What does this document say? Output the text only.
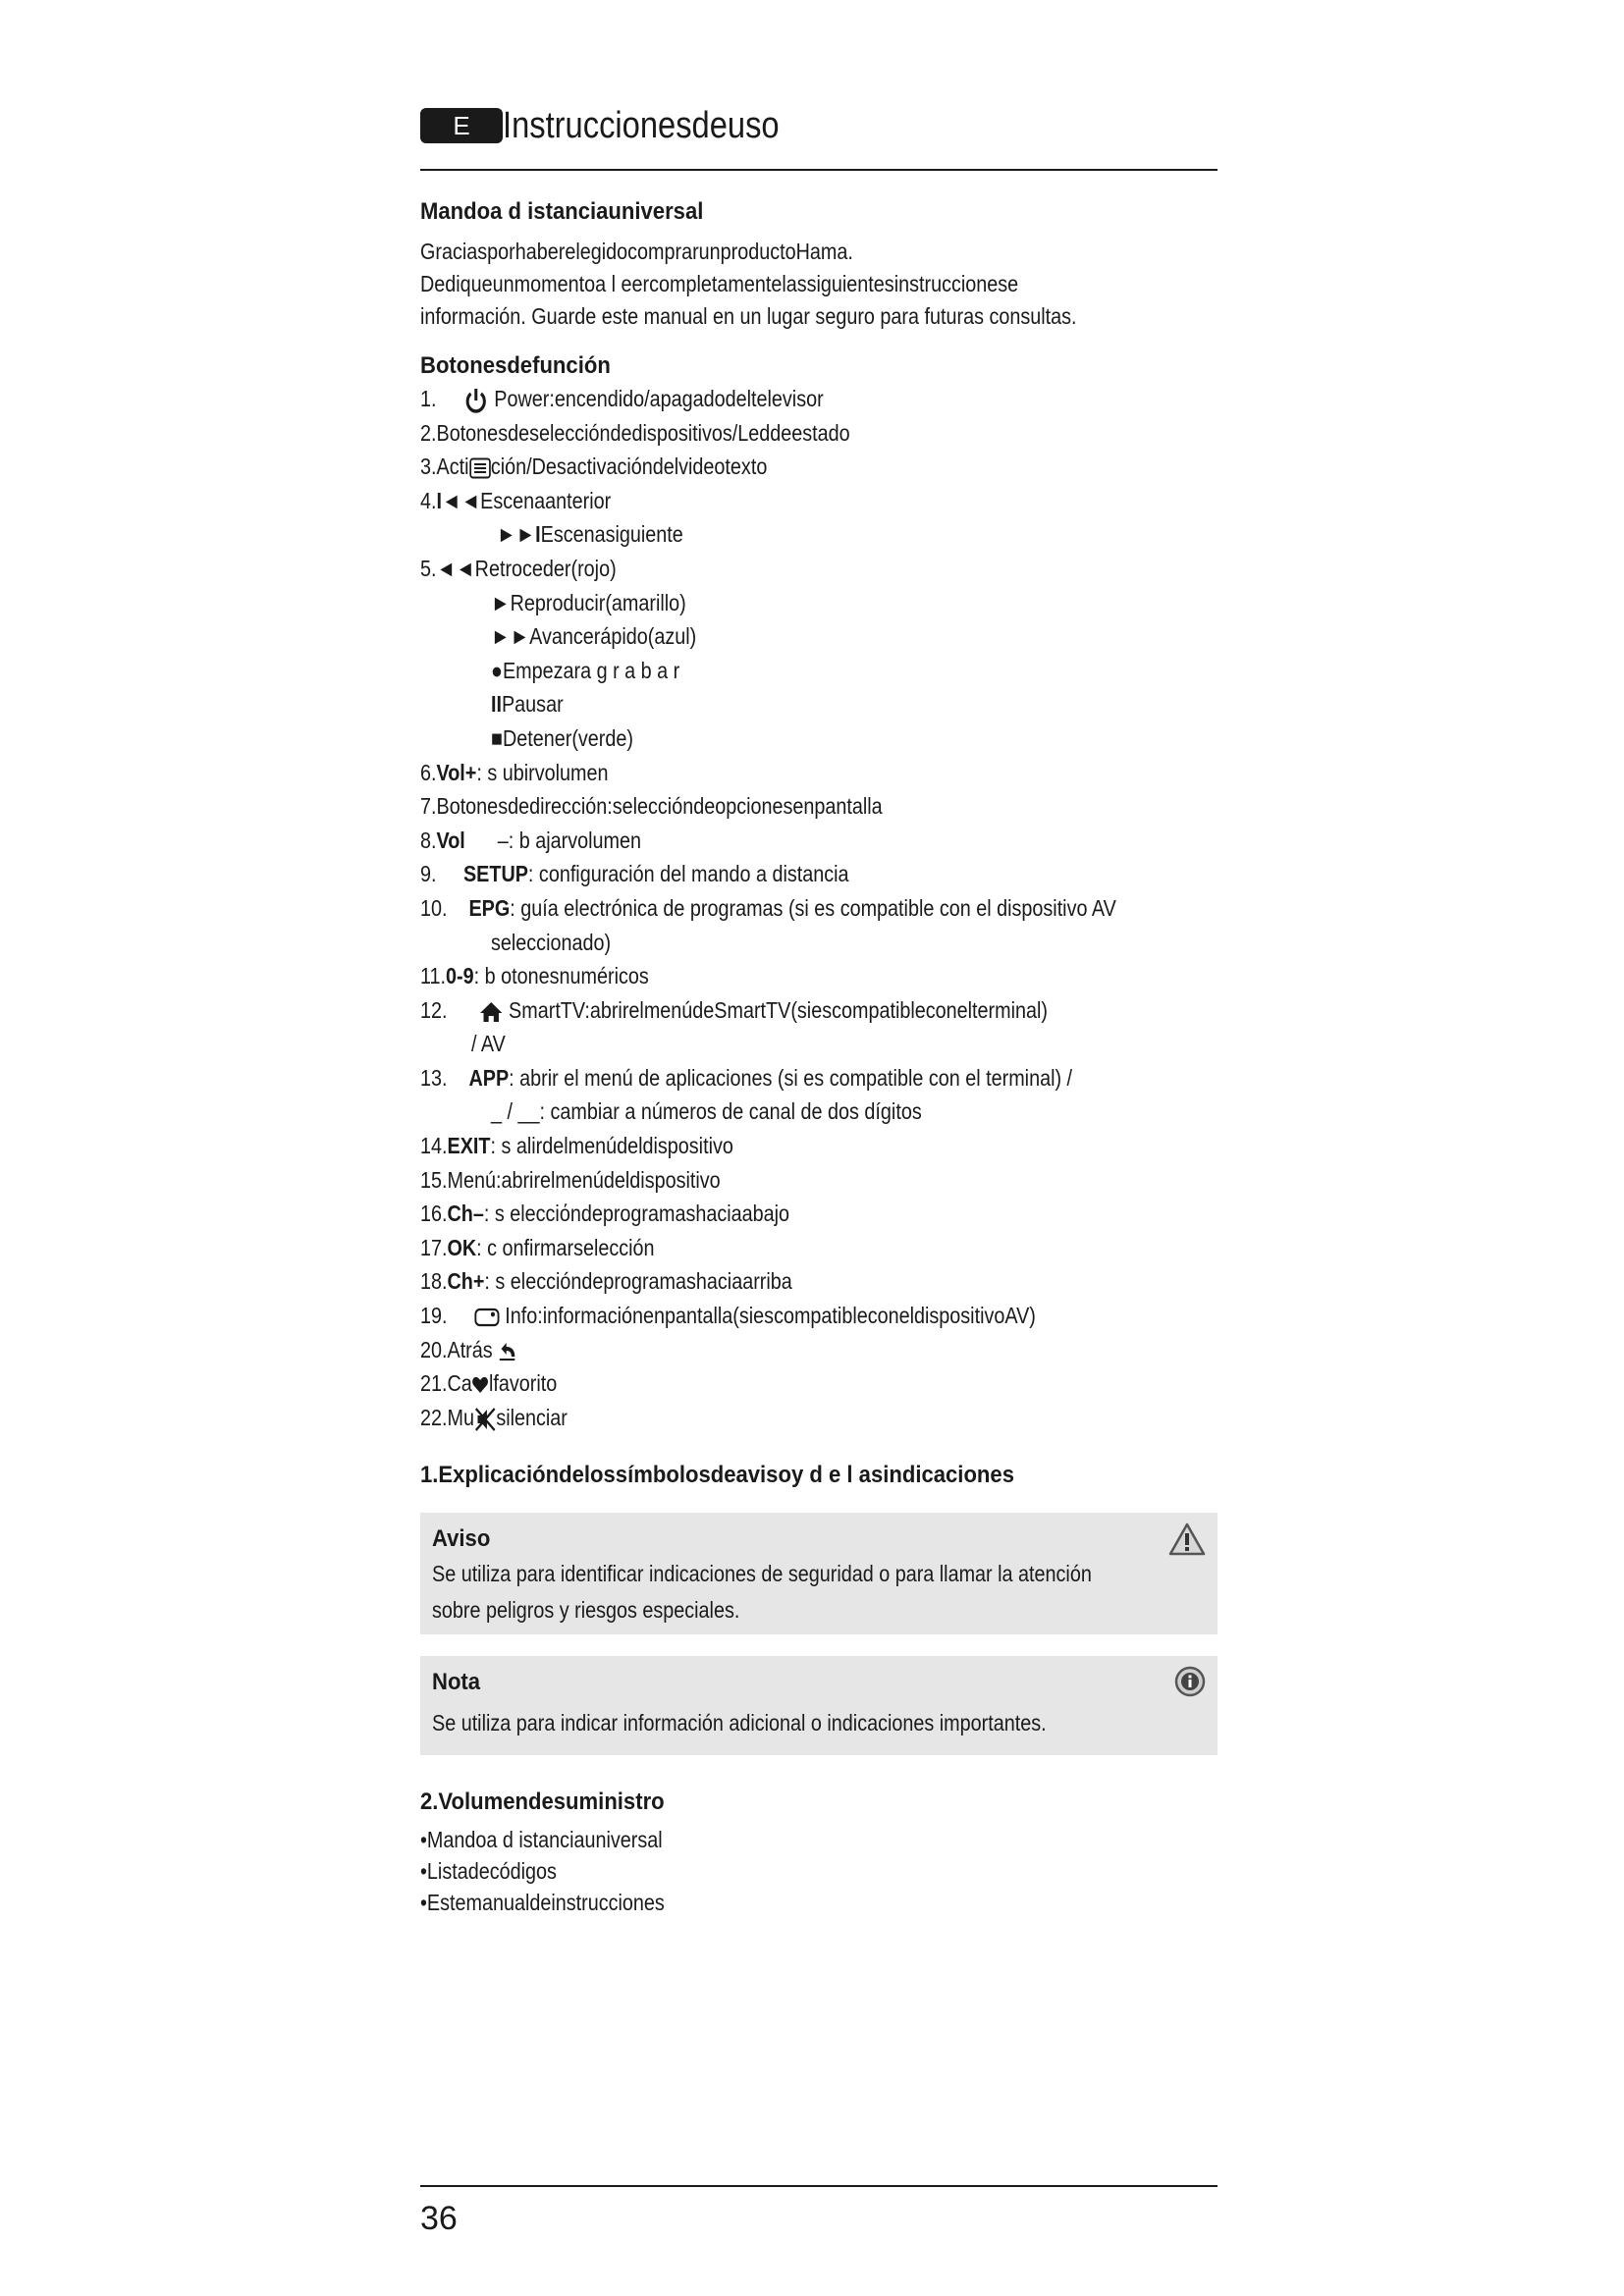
E Instruccionesdeuso
Mandoa d istanciauniversal

GraciasporhaberelegidocomprarunproductoHama.

Dediqueunmomentoa l eercompletamentelassiguientesinstruccionese

información. Guarde este manual en un lugar seguro para futuras consultas.

Botonesdefunción
1.	Power:encendido/apagadodeltelevisor
2.Botonesdeseleccióndedispositivos/Leddeestado
3.Acti ción/Desactivacióndelvideotexto
4.I◄◄Escenaanterior
►►IEscenasiguiente
5.◄◄Retroceder(rojo)
►Reproducir(amarillo)
►►Avancerápido(azul)
●Empezara g r a b a r
IIPausar
■Detener(verde)
6.Vol+: s ubirvolumen
7.Botonesdedirección:seleccióndeopcionesenpantalla
8.Vol –: b ajarvolumen
9. SETUP: configuración del mando a distancia
10. EPG: guía electrónica de programas (si es compatible con el dispositivo AV
seleccionado)
11.0-9: b otonesnuméricos
12.	SmartTV:abrirelmenúdeSmartTV(siescompatibleconelterminal)
/ AV
13. APP: abrir el menú de aplicaciones (si es compatible con el terminal) /
_ / __: cambiar a números de canal de dos dígitos
14.EXIT: s alirdelmenúdeldispositivo
15.Menú:abrirelmenúdeldispositivo
16.Ch–: s elecciόndeprogramashaciaabajo
17.OK: c onfirmarselección
18.Ch+: s eleccióndeprogramashaciaarriba
19.	Info:informaciónenpantalla(siescompatibleconeldispositivoAV)
20.Atrás
21.Ca lfavorito
22.Mu silenciar
1.Explicacióndelossímbolosdeavisoy d e l asindicaciones
Aviso

Se utiliza para identificar indicaciones de seguridad o para llamar la atención

sobre peligros y riesgos especiales.

Nota

Se utiliza para indicar información adicional o indicaciones importantes.

2.Volumendesuministro
•Mandoa d istanciauniversal
•Listadecódigos
•Estemanualdeinstrucciones
36
